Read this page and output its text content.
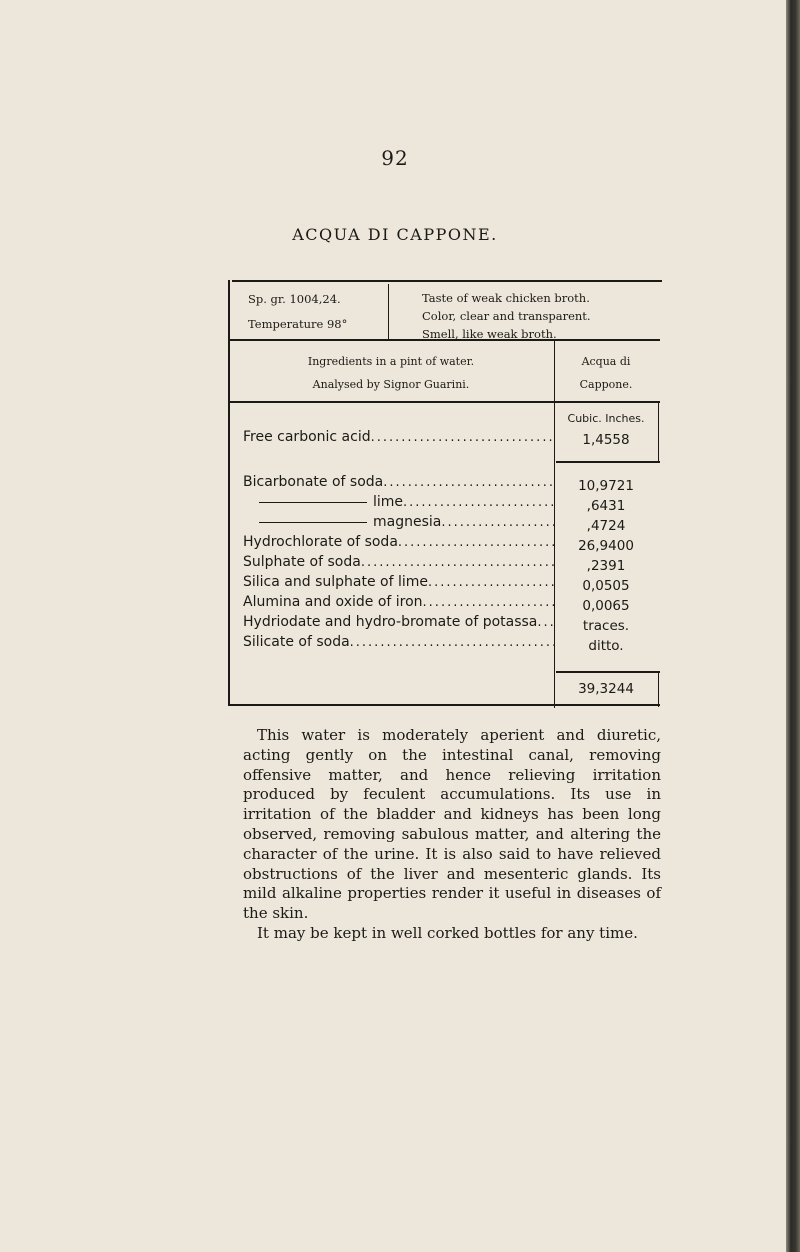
92
ACQUA DI CAPPONE.
Sp. gr. 1004,24.
Temperature 98°
Taste of weak chicken broth.
Color, clear and transparent.
Smell, like weak broth.
Ingredients in a pint of water.
Analysed by Signor Guarini.
Acqua di
Cappone.
Cubic. Inches.
Free carbonic acid
.....
Bicarbonate of soda
.....
lime
.....
magnesia
.....
Hydrochlorate of soda
.....
Sulphate of soda
.....
Silica and sulphate of lime
.....
Alumina and oxide of iron
.....
Hydriodate and hydro-bromate of potassa
.....
Silicate of soda
.....
1,4558
10,9721
,6431
,4724
26,9400
,2391
0,0505
0,0065
traces.
ditto.
39,3244

This water is moderately aperient and diuretic, acting gently on the intestinal canal, removing offensive matter, and hence relieving irritation produced by feculent accumulations. Its use in irritation of the bladder and kidneys has been long observed, removing sabulous matter, and altering the character of the urine. It is also said to have relieved obstructions of the liver and mesenteric glands. Its mild alkaline properties render it useful in diseases of the skin.

It may be kept in well corked bottles for any time.
